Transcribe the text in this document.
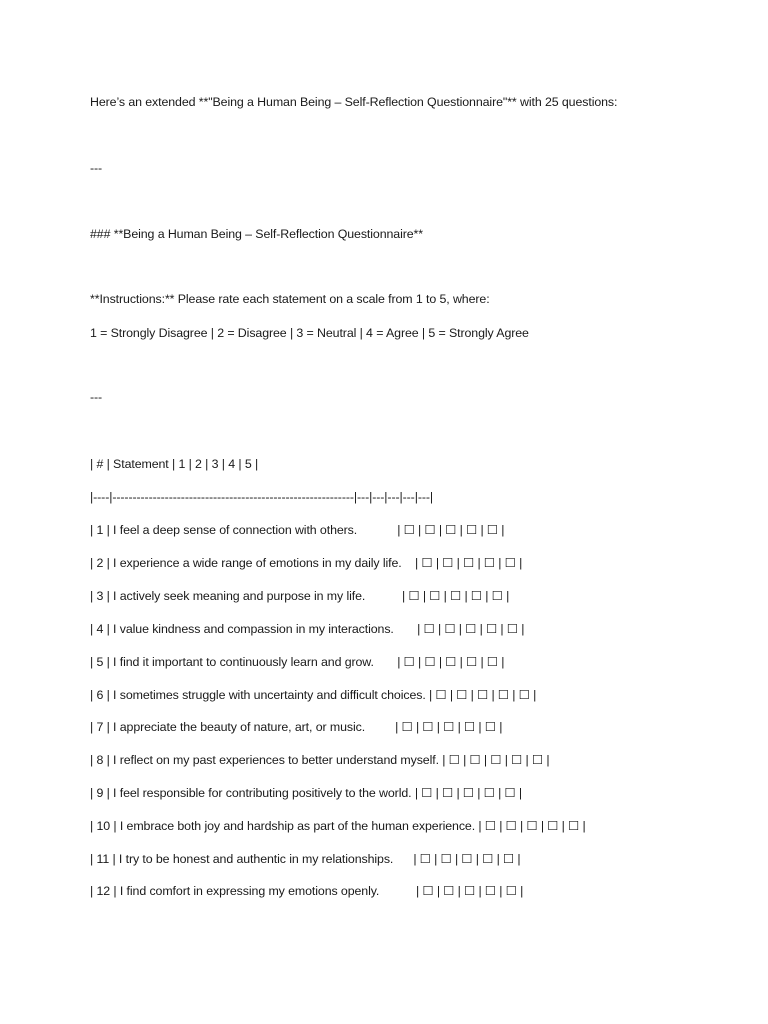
Here’s an extended **"Being a Human Being – Self-Reflection Questionnaire"** with 25 questions:
---
### **Being a Human Being – Self-Reflection Questionnaire**
**Instructions:** Please rate each statement on a scale from 1 to 5, where:
1 = Strongly Disagree | 2 = Disagree | 3 = Neutral | 4 = Agree | 5 = Strongly Agree
---
| # | Statement | 1 | 2 | 3 | 4 | 5 |
|----|------------------------------------------------------------|---|---|---|---|---|
| 1 | I feel a deep sense of connection with others.            | ☐ | ☐ | ☐ | ☐ | ☐ |
| 2 | I experience a wide range of emotions in my daily life.    | ☐ | ☐ | ☐ | ☐ | ☐ |
| 3 | I actively seek meaning and purpose in my life.           | ☐ | ☐ | ☐ | ☐ | ☐ |
| 4 | I value kindness and compassion in my interactions.       | ☐ | ☐ | ☐ | ☐ | ☐ |
| 5 | I find it important to continuously learn and grow.       | ☐ | ☐ | ☐ | ☐ | ☐ |
| 6 | I sometimes struggle with uncertainty and difficult choices. | ☐ | ☐ | ☐ | ☐ | ☐ |
| 7 | I appreciate the beauty of nature, art, or music.         | ☐ | ☐ | ☐ | ☐ | ☐ |
| 8 | I reflect on my past experiences to better understand myself. | ☐ | ☐ | ☐ | ☐ | ☐ |
| 9 | I feel responsible for contributing positively to the world. | ☐ | ☐ | ☐ | ☐ | ☐ |
| 10 | I embrace both joy and hardship as part of the human experience. | ☐ | ☐ | ☐ | ☐ | ☐ |
| 11 | I try to be honest and authentic in my relationships.      | ☐ | ☐ | ☐ | ☐ | ☐ |
| 12 | I find comfort in expressing my emotions openly.           | ☐ | ☐ | ☐ | ☐ | ☐ |
